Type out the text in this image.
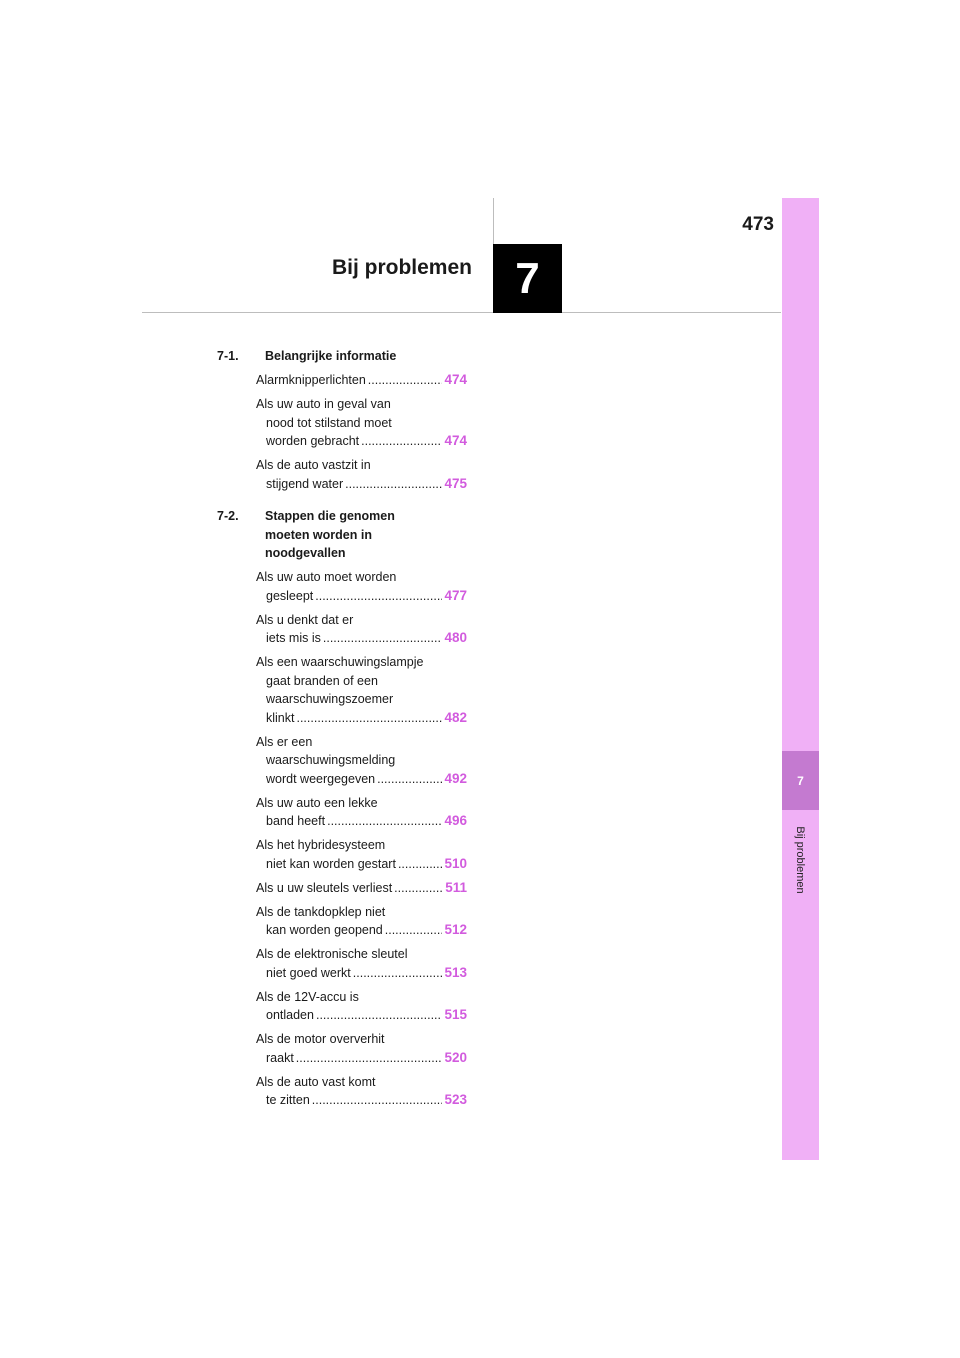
473
Bij problemen 7
7
Bij problemen
7-1. Belangrijke informatie
Alarmknipperlichten .....	474
Als uw auto in geval van
nood tot stilstand moet
worden gebracht .....	474
Als de auto vastzit in
stijgend water .....	475
7-2. Stappen die genomen
moeten worden in
noodgevallen
Als uw auto moet worden
gesleept .....	477
Als u denkt dat er
iets mis is .....	480
Als een waarschuwingslampje
gaat branden of een
waarschuwingszoemer
klinkt .....	482
Als er een
waarschuwingsmelding
wordt weergegeven .....	492
Als uw auto een lekke
band heeft .....	496
Als het hybridesysteem
niet kan worden gestart .....	510
Als u uw sleutels verliest .....	511
Als de tankdopklep niet
kan worden geopend .....	512
Als de elektronische sleutel
niet goed werkt .....	513
Als de 12V-accu is
ontladen .....	515
Als de motor oververhit
raakt .....	520
Als de auto vast komt
te zitten .....	523
